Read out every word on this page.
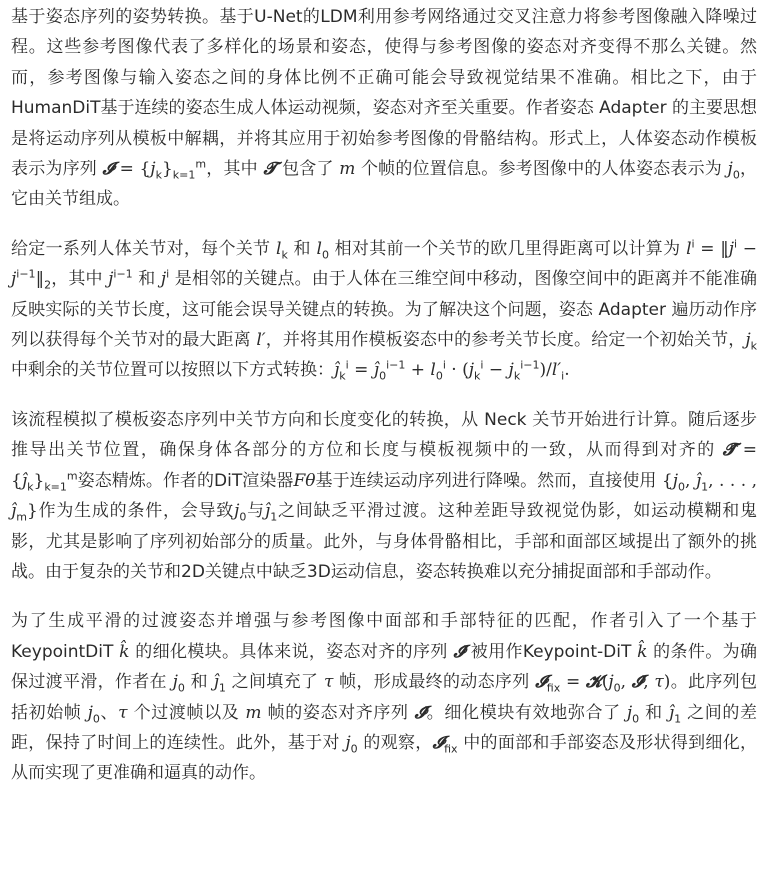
基于姿态序列的姿势转换。基于U-Net的LDM利用参考网络通过交叉注意力将参考图像融入降噪过程。这些参考图像代表了多样化的场景和姿态，使得与参考图像的姿态对齐变得不那么关键。然而，参考图像与输入姿态之间的身体比例不正确可能会导致视觉结果不准确。相比之下，由于HumanDiT基于连续的姿态生成人体运动视频，姿态对齐至关重要。作者姿态 Adapter 的主要思想是将运动序列从模板中解耦，并将其应用于初始参考图像的骨骼结构。形式上，人体姿态动作模板表示为序列 𝓘 = $\{j_k\}_{k=1}^m$，其中 𝓣 包含了 m 个帧的位置信息。参考图像中的人体姿态表示为 $j_0$，它由关节组成。

给定一系列人体关节对，每个关节 $l_k$ 和 $l_0$ 相对其前一个关节的欧几里得距离可以计算为 $l^i$ = $‖j^i$ − $j^{i-1}‖_2$，其中 $j^{i-1}$ 和 $j^i$ 是相邻的关键点。由于人体在三维空间中移动，图像空间中的距离并不能准确反映实际的关节长度，这可能会误导关键点的转换。为了解决这个问题，姿态 Adapter 遍历动作序列以获得每个关节对的最大距离 l′，并将其用作模板姿态中的参考关节长度。给定一个初始关节，$j_k$ 中剩余的关节位置可以按照以下方式转换：$ĵ_k^i$ = $ĵ_0^{i-1} + l_0^i \cdot (j_k^i - j_k^{i-1})/l'_i$.

该流程模拟了模板姿态序列中关节方向和长度变化的转换，从 Neck 关节开始进行计算。随后逐步推导出关节位置，确保身体各部分的方位和长度与模板视频中的一致，从而得到对齐的 𝓣̂ = $\{ĵ_k\}_{k=1}^m$姿态精炼。作者的DiT渲染器Fθ基于连续运动序列进行降噪。然而，直接使用 {$j_0$, $ĵ_1$, . . . , $ĵ_m$}作为生成的条件，会导致$j_0$与$ĵ_1$之间缺乏平滑过渡。这种差距导致视觉伪影，如运动模糊和鬼影，尤其是影响了序列初始部分的质量。此外，与身体骨骼相比，手部和面部区域提出了额外的挑战。由于复杂的关节和2D关键点中缺乏3D运动信息，姿态转换难以充分捕捉面部和手部动作。

为了生成平滑的过渡姿态并增强与参考图像中面部和手部特征的匹配，作者引入了一个基于KeypointDiT k̂ 的细化模块。具体来说，姿态对齐的序列 𝓘̂ 被用作Keypoint-DiT k̂ 的条件。为确保过渡平滑，作者在 $j_0$ 和 $ĵ_1$ 之间填充了 τ 帧，形成最终的动态序列 𝓘$_{fix}$ = $𝓚(j_0$, 𝓘̂, τ)。此序列包括初始帧 $j_0$、τ 个过渡帧以及 m 帧的姿态对齐序列 𝓘̂。细化模块有效地弥合了 $j_0$ 和 $ĵ_1$ 之间的差距，保持了时间上的连续性。此外，基于对 $j_0$ 的观察，𝓘$_{fix}$ 中的面部和手部姿态及形状得到细化，从而实现了更准确和逼真的动作。
